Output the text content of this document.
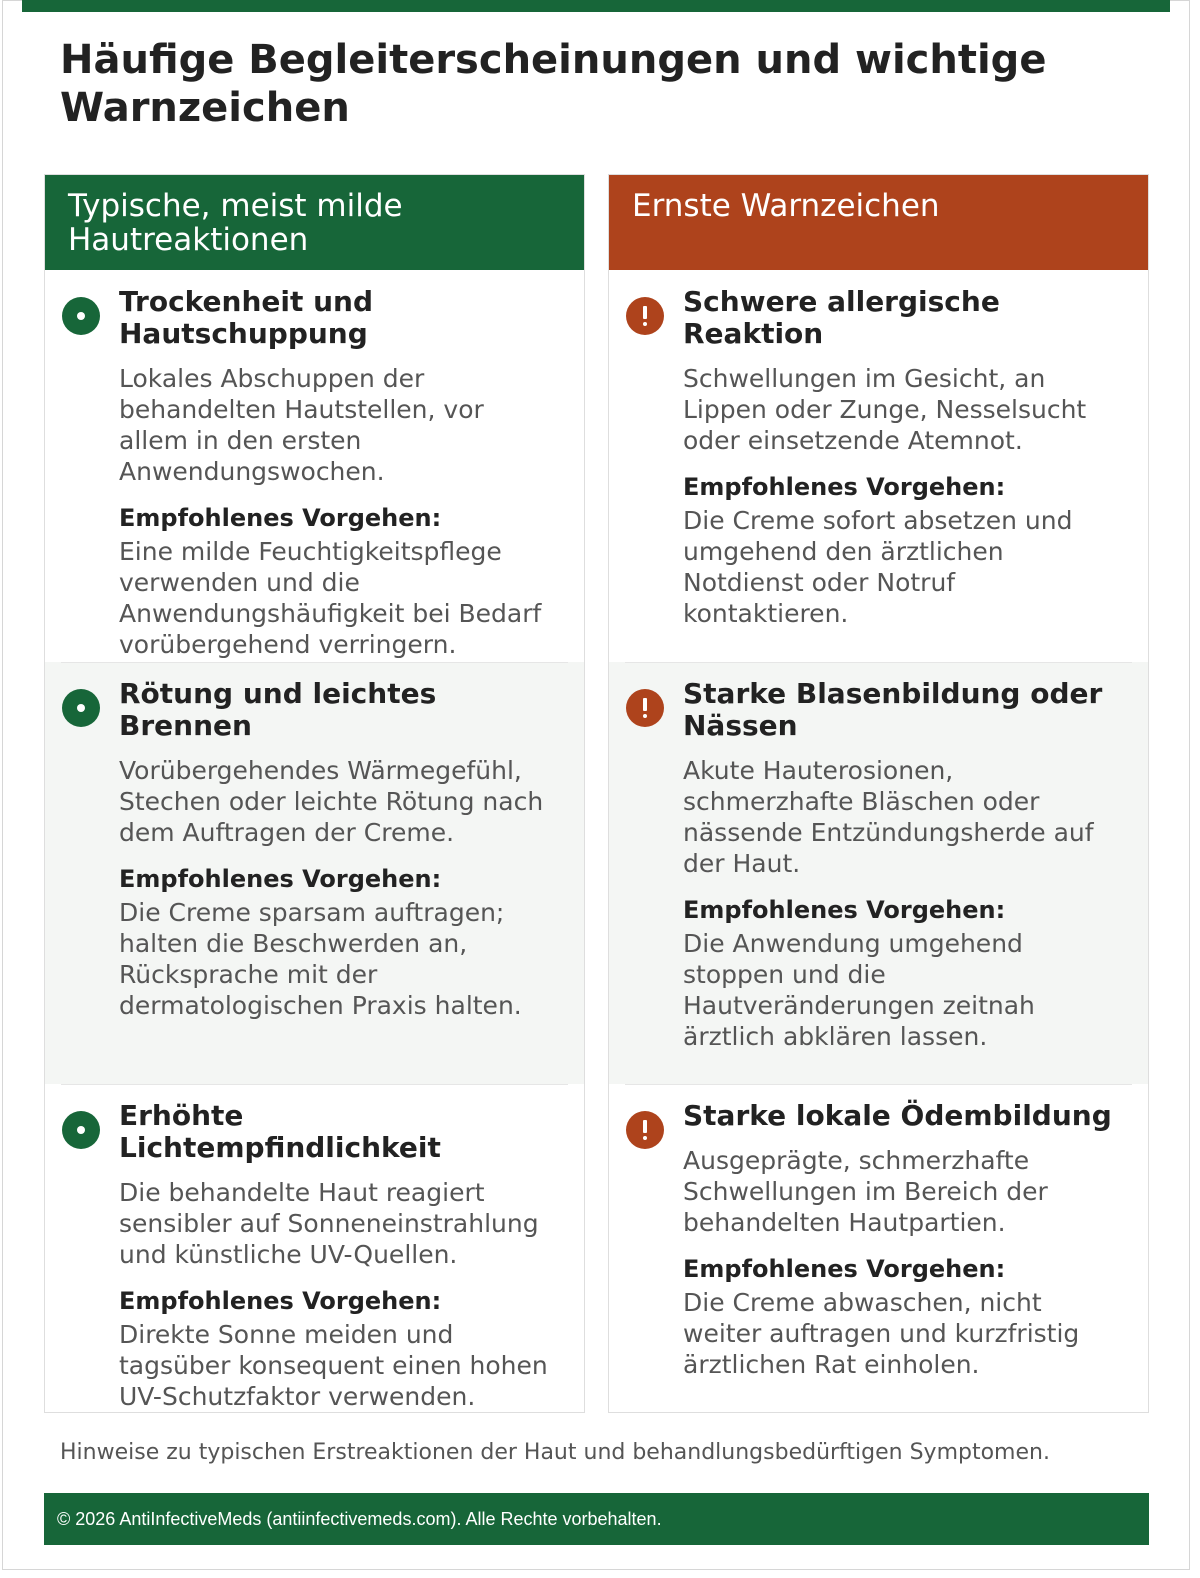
Häufige Begleiterscheinungen und wichtige Warnzeichen
Typische, meist milde Hautreaktionen
Trockenheit und Hautschuppung

Lokales Abschuppen der behandelten Hautstellen, vor allem in den ersten Anwendungswochen.

Empfohlenes Vorgehen:

Eine milde Feuchtigkeitspflege verwenden und die Anwendungshäufigkeit bei Bedarf vorübergehend verringern.

Rötung und leichtes Brennen

Vorübergehendes Wärmegefühl, Stechen oder leichte Rötung nach dem Auftragen der Creme.

Empfohlenes Vorgehen:

Die Creme sparsam auftragen; halten die Beschwerden an, Rücksprache mit der dermatologischen Praxis halten.

Erhöhte Lichtempfindlichkeit

Die behandelte Haut reagiert sensibler auf Sonneneinstrahlung und künstliche UV-Quellen.

Empfohlenes Vorgehen:

Direkte Sonne meiden und tagsüber konsequent einen hohen UV-Schutzfaktor verwenden.

Ernste Warnzeichen
Schwere allergische Reaktion

Schwellungen im Gesicht, an Lippen oder Zunge, Nesselsucht oder einsetzende Atemnot.

Empfohlenes Vorgehen:

Die Creme sofort absetzen und umgehend den ärztlichen Notdienst oder Notruf kontaktieren.

Starke Blasenbildung oder Nässen

Akute Hauterosionen, schmerzhafte Bläschen oder nässende Entzündungsherde auf der Haut.

Empfohlenes Vorgehen:

Die Anwendung umgehend stoppen und die Hautveränderungen zeitnah ärztlich abklären lassen.

Starke lokale Ödembildung

Ausgeprägte, schmerzhafte Schwellungen im Bereich der behandelten Hautpartien.

Empfohlenes Vorgehen:

Die Creme abwaschen, nicht weiter auftragen und kurzfristig ärztlichen Rat einholen.

Hinweise zu typischen Erstreaktionen der Haut und behandlungsbedürftigen Symptomen.

© 2026 AntiInfectiveMeds (antiinfectivemeds.com). Alle Rechte vorbehalten.
